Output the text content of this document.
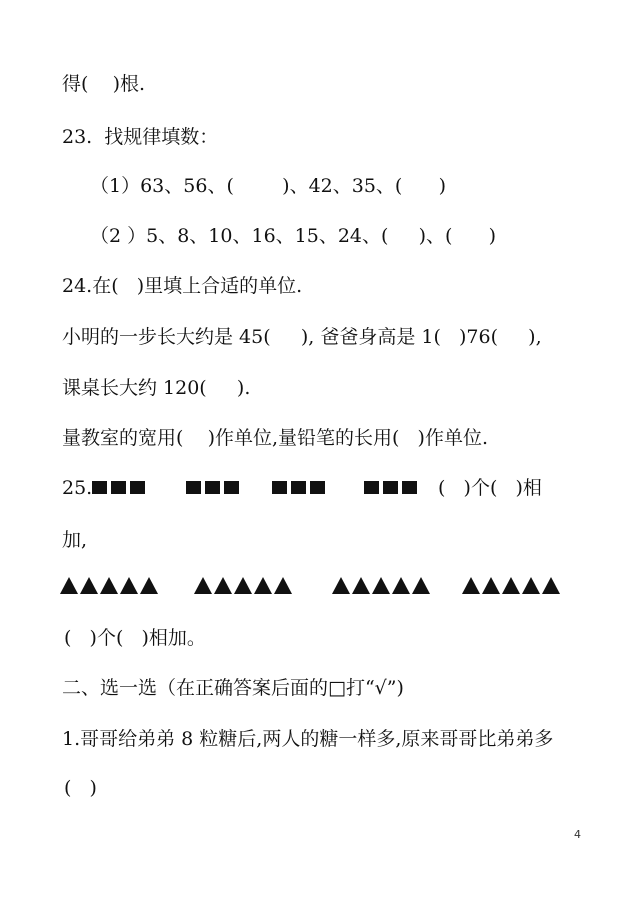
得(    )根.
23.  找规律填数：
（1）63、56、(        )、42、35、(      )
（2 ）5、8、10、16、15、24、(     )、(      )
24.在(   )里填上合适的单位.
小明的一步长大约是 45(     ), 爸爸身高是 1(   )76(     ),
课桌长大约 120(     ).
量教室的宽用(    )作单位,量铅笔的长用(   )作单位.
25.	(   )个(   )相
加,
(   )个(   )相加。
二、选一选（在正确答案后面的□打“√”)
1.哥哥给弟弟 8 粒糖后,两人的糖一样多,原来哥哥比弟弟多
(   )
4
